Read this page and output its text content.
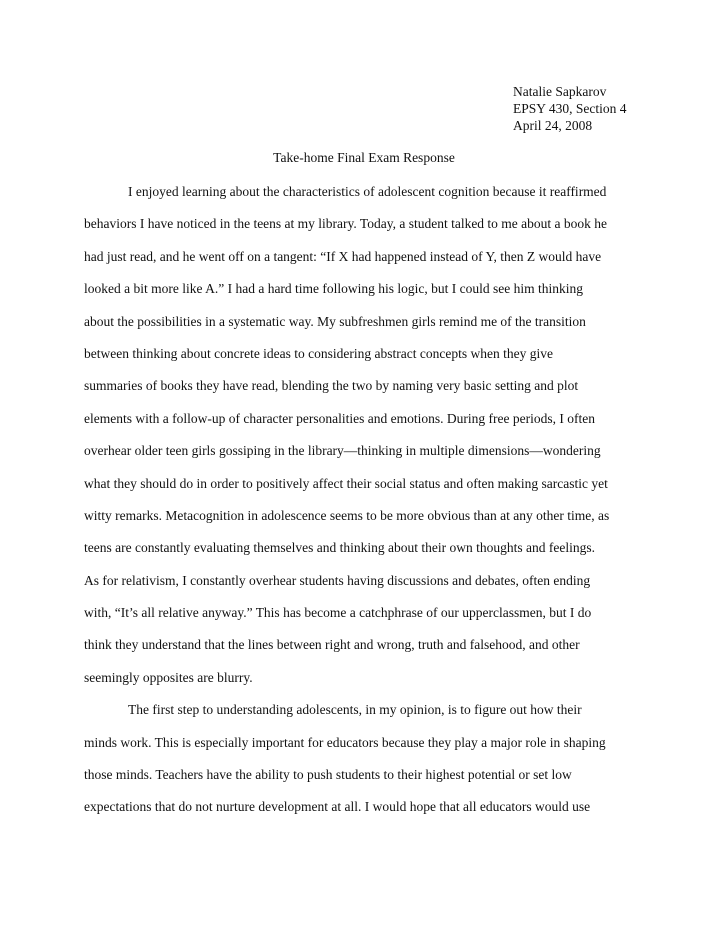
Natalie Sapkarov
EPSY 430, Section 4
April 24, 2008
Take-home Final Exam Response
I enjoyed learning about the characteristics of adolescent cognition because it reaffirmed
behaviors I have noticed in the teens at my library. Today, a student talked to me about a book he
had just read, and he went off on a tangent: “If X had happened instead of Y, then Z would have
looked a bit more like A.” I had a hard time following his logic, but I could see him thinking
about the possibilities in a systematic way. My subfreshmen girls remind me of the transition
between thinking about concrete ideas to considering abstract concepts when they give
summaries of books they have read, blending the two by naming very basic setting and plot
elements with a follow-up of character personalities and emotions. During free periods, I often
overhear older teen girls gossiping in the library—thinking in multiple dimensions—wondering
what they should do in order to positively affect their social status and often making sarcastic yet
witty remarks. Metacognition in adolescence seems to be more obvious than at any other time, as
teens are constantly evaluating themselves and thinking about their own thoughts and feelings.
As for relativism, I constantly overhear students having discussions and debates, often ending
with, “It’s all relative anyway.” This has become a catchphrase of our upperclassmen, but I do
think they understand that the lines between right and wrong, truth and falsehood, and other
seemingly opposites are blurry.
The first step to understanding adolescents, in my opinion, is to figure out how their
minds work. This is especially important for educators because they play a major role in shaping
those minds. Teachers have the ability to push students to their highest potential or set low
expectations that do not nurture development at all. I would hope that all educators would use
